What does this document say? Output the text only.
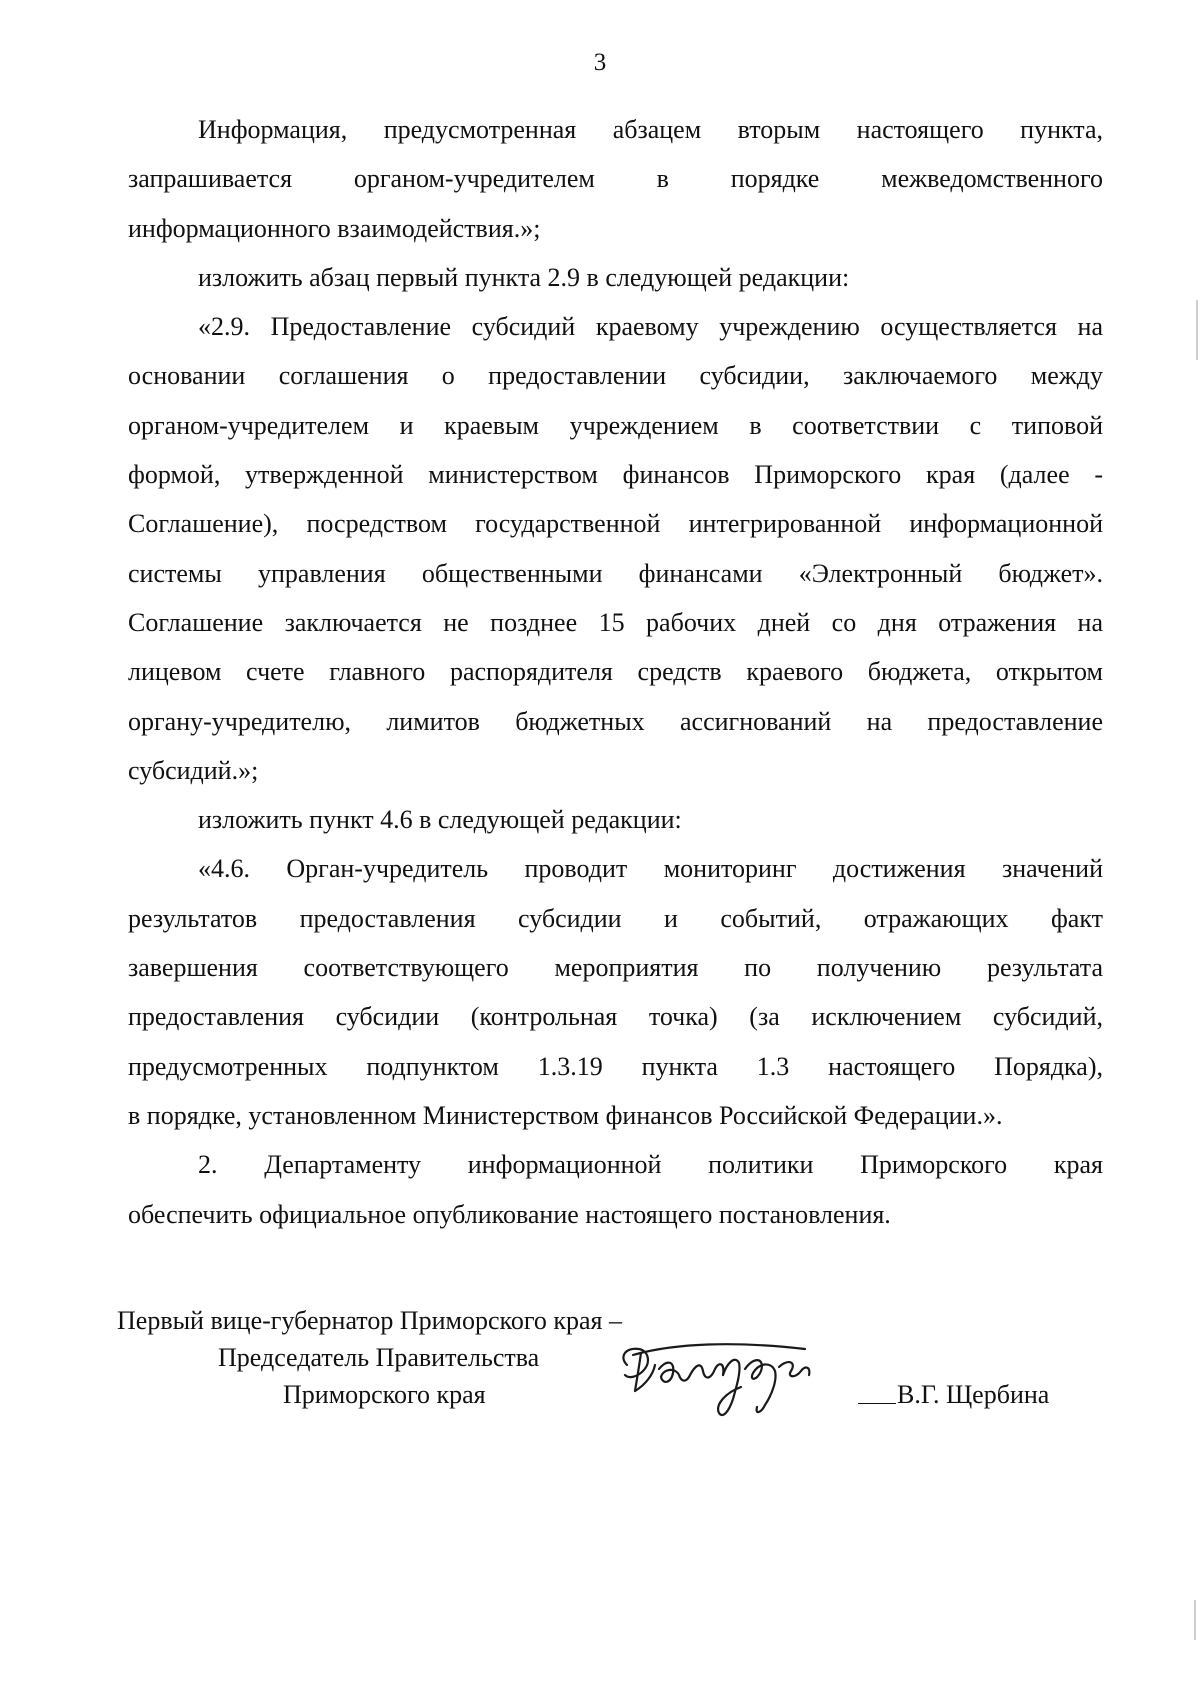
3
Информация, предусмотренная абзацем вторым настоящего пункта,
запрашивается органом-учредителем в порядке межведомственного
информационного взаимодействия.»;
изложить абзац первый пункта 2.9 в следующей редакции:
«2.9. Предоставление субсидий краевому учреждению осуществляется на
основании соглашения о предоставлении субсидии, заключаемого между
органом-учредителем и краевым учреждением в соответствии с типовой
формой, утвержденной министерством финансов Приморского края (далее -
Соглашение), посредством государственной интегрированной информационной
системы управления общественными финансами «Электронный бюджет».
Соглашение заключается не позднее 15 рабочих дней со дня отражения на
лицевом счете главного распорядителя средств краевого бюджета, открытом
органу-учредителю, лимитов бюджетных ассигнований на предоставление
субсидий.»;
изложить пункт 4.6 в следующей редакции:
«4.6. Орган-учредитель проводит мониторинг достижения значений
результатов предоставления субсидии и событий, отражающих факт
завершения соответствующего мероприятия по получению результата
предоставления субсидии (контрольная точка) (за исключением субсидий,
предусмотренных подпунктом 1.3.19 пункта 1.3 настоящего Порядка),
в порядке, установленном Министерством финансов Российской Федерации.».
2. Департаменту информационной политики Приморского края
обеспечить официальное опубликование настоящего постановления.
Первый вице-губернатор Приморского края –
Председатель Правительства
Приморского края	В.Г. Щербина
